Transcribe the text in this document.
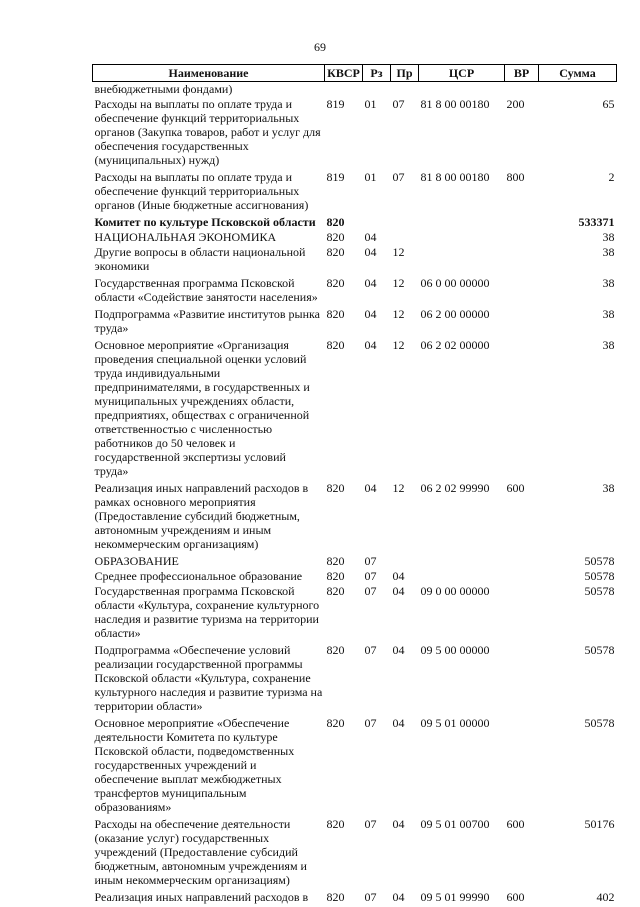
69
Наименование	КВСР	Рз	Пр	ЦСР	ВР	Сумма
внебюджетными фондами)						
Расходы на выплаты по оплате труда и обеспечение функций территориальных органов (Закупка товаров, работ и услуг для обеспечения государственных (муниципальных) нужд)	819	01	07	81 8 00 00180	200	65
Расходы на выплаты по оплате труда и обеспечение функций территориальных органов (Иные бюджетные ассигнования)	819	01	07	81 8 00 00180	800	2
Комитет по культуре Псковской области	820					533371
НАЦИОНАЛЬНАЯ ЭКОНОМИКА	820	04				38
Другие вопросы в области национальной экономики	820	04	12			38
Государственная программа Псковской области «Содействие занятости населения»	820	04	12	06 0 00 00000		38
Подпрограмма «Развитие институтов рынка труда»	820	04	12	06 2 00 00000		38
Основное мероприятие «Организация проведения специальной оценки условий труда индивидуальными предпринимателями, в государственных и муниципальных учреждениях области, предприятиях, обществах с ограниченной ответственностью с численностью работников до 50 человек и государственной экспертизы условий труда»	820	04	12	06 2 02 00000		38
Реализация иных направлений расходов в рамках основного мероприятия (Предоставление субсидий бюджетным, автономным учреждениям и иным некоммерческим организациям)	820	04	12	06 2 02 99990	600	38
ОБРАЗОВАНИЕ	820	07				50578
Среднее профессиональное образование	820	07	04			50578
Государственная программа Псковской области «Культура, сохранение культурного наследия и развитие туризма на территории области»	820	07	04	09 0 00 00000		50578
Подпрограмма «Обеспечение условий реализации государственной программы Псковской области «Культура, сохранение культурного наследия и развитие туризма на территории области»	820	07	04	09 5 00 00000		50578
Основное мероприятие «Обеспечение деятельности Комитета по культуре Псковской области, подведомственных государственных учреждений и обеспечение выплат межбюджетных трансфертов муниципальным образованиям»	820	07	04	09 5 01 00000		50578
Расходы на обеспечение деятельности (оказание услуг) государственных учреждений (Предоставление субсидий бюджетным, автономным учреждениям и иным некоммерческим организациям)	820	07	04	09 5 01 00700	600	50176
Реализация иных направлений расходов в	820	07	04	09 5 01 99990	600	402
